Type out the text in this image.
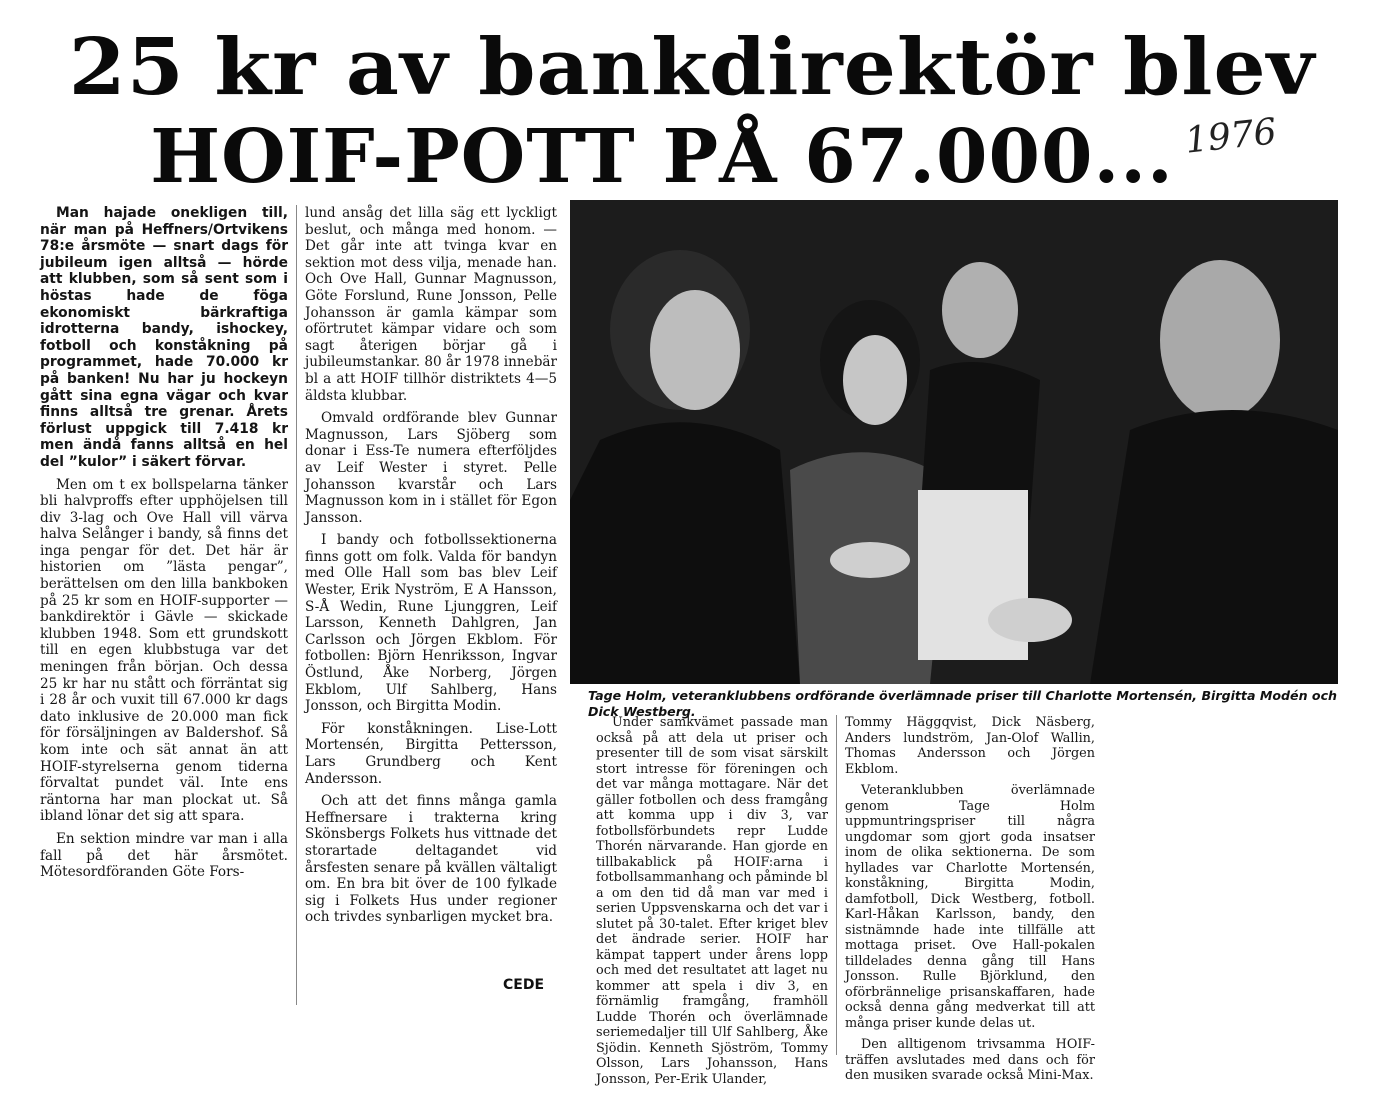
25 kr av bankdirektör blev
HOIF-POTT PÅ 67.000... 1976

Man hajade onekligen till, när man på Heffners/Ortvikens 78:e årsmöte — snart dags för jubileum igen alltså — hörde att klubben, som så sent som i höstas hade de föga ekonomiskt bärkraftiga idrotterna bandy, ishockey, fotboll och konståkning på programmet, hade 70.000 kr på banken! Nu har ju hockeyn gått sina egna vägar och kvar finns alltså tre grenar. Årets förlust uppgick till 7.418 kr men ändå fanns alltså en hel del ”kulor” i säkert förvar.

Men om t ex bollspelarna tänker bli halvproffs efter upphöjelsen till div 3-lag och Ove Hall vill värva halva Selånger i bandy, så finns det inga pengar för det. Det här är historien om ”lästa pengar”, berättelsen om den lilla bankboken på 25 kr som en HOIF-supporter — bankdirektör i Gävle — skickade klubben 1948. Som ett grundskott till en egen klubbstuga var det meningen från början. Och dessa 25 kr har nu stått och förräntat sig i 28 år och vuxit till 67.000 kr dags dato inklusive de 20.000 man fick för försäljningen av Baldershof. Så kom inte och sät annat än att HOIF-styrelserna genom tiderna förvaltat pundet väl. Inte ens räntorna har man plockat ut. Så ibland lönar det sig att spara.

En sektion mindre var man i alla fall på det här årsmötet. Mötesordföranden Göte Fors-

lund ansåg det lilla säg ett lyckligt beslut, och många med honom. — Det går inte att tvinga kvar en sektion mot dess vilja, menade han. Och Ove Hall, Gunnar Magnusson, Göte Forslund, Rune Jonsson, Pelle Johansson är gamla kämpar som oförtrutet kämpar vidare och som sagt återigen börjar gå i jubileumstankar. 80 år 1978 innebär bl a att HOIF tillhör distriktets 4—5 äldsta klubbar.

Omvald ordförande blev Gunnar Magnusson, Lars Sjöberg som donar i Ess-Te numera efterföljdes av Leif Wester i styret. Pelle Johansson kvarstår och Lars Magnusson kom in i stället för Egon Jansson.

I bandy och fotbollssektionerna finns gott om folk. Valda för bandyn med Olle Hall som bas blev Leif Wester, Erik Nyström, E A Hansson, S-Å Wedin, Rune Ljunggren, Leif Larsson, Kenneth Dahlgren, Jan Carlsson och Jörgen Ekblom. För fotbollen: Björn Henriksson, Ingvar Östlund, Åke Norberg, Jörgen Ekblom, Ulf Sahlberg, Hans Jonsson, och Birgitta Modin.

För konståkningen. Lise-Lott Mortensén, Birgitta Pettersson, Lars Grundberg och Kent Andersson.

Och att det finns många gamla Heffnersare i trakterna kring Skönsbergs Folkets hus vittnade det storartade deltagandet vid årsfesten senare på kvällen vältaligt om. En bra bit över de 100 fylkade sig i Folkets Hus under regioner och trivdes synbarligen mycket bra.

Tage Holm, veteranklubbens ordförande överlämnade priser till Charlotte Mortensén, Birgitta Modén och Dick Westberg.

Under samkvämet passade man också på att dela ut priser och presenter till de som visat särskilt stort intresse för föreningen och det var många mottagare. När det gäller fotbollen och dess framgång att komma upp i div 3, var fotbollsförbundets repr Ludde Thorén närvarande. Han gjorde en tillbakablick på HOIF:arna i fotbollsammanhang och påminde bl a om den tid då man var med i serien Uppsvenskarna och det var i slutet på 30-talet. Efter kriget blev det ändrade serier. HOIF har kämpat tappert under årens lopp och med det resultatet att laget nu kommer att spela i div 3, en förnämlig framgång, framhöll Ludde Thorén och överlämnade seriemedaljer till Ulf Sahlberg, Åke Sjödin. Kenneth Sjöström, Tommy Olsson, Lars Johansson, Hans Jonsson, Per-Erik Ulander,

Tommy Häggqvist, Dick Näsberg, Anders lundström, Jan-Olof Wallin, Thomas Andersson och Jörgen Ekblom.

Veteranklubben överlämnade genom Tage Holm uppmuntringspriser till några ungdomar som gjort goda insatser inom de olika sektionerna. De som hyllades var Charlotte Mortensén, konståkning, Birgitta Modin, damfotboll, Dick Westberg, fotboll. Karl-Håkan Karlsson, bandy, den sistnämnde hade inte tillfälle att mottaga priset. Ove Hall-pokalen tilldelades denna gång till Hans Jonsson. Rulle Björklund, den oförbrännelige prisanskaffaren, hade också denna gång medverkat till att många priser kunde delas ut.

Den alltigenom trivsamma HOIF-träffen avslutades med dans och för den musiken svarade också Mini-Max.

CEDE
